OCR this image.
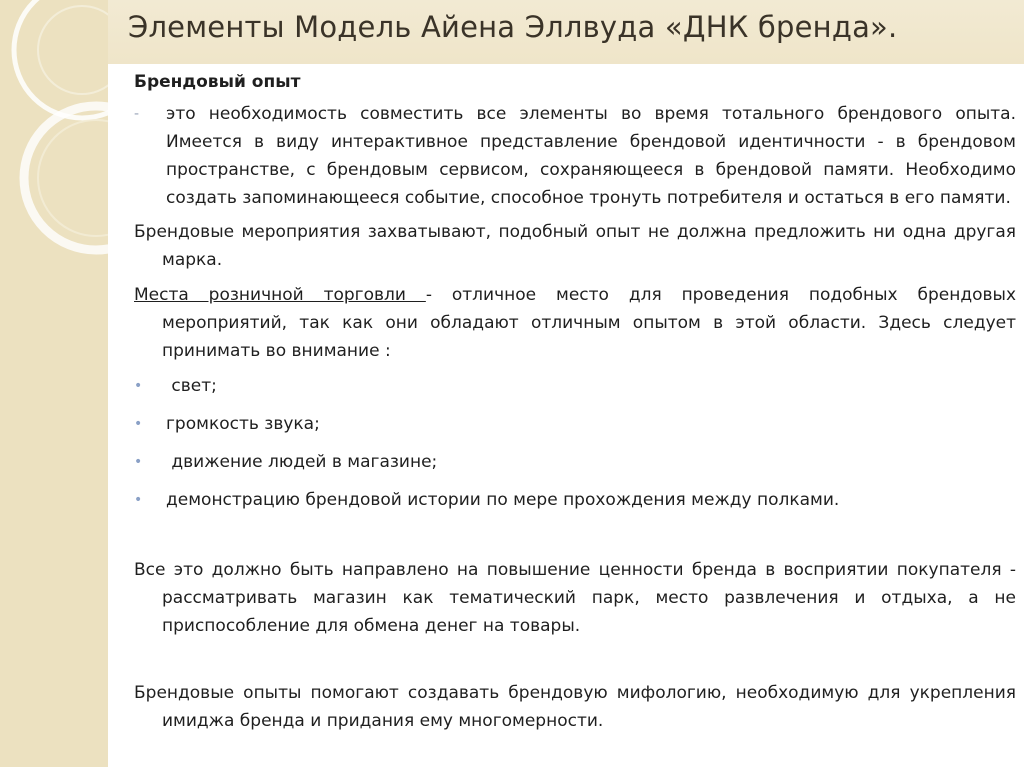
Элементы Модель Айена Эллвуда «ДНК бренда».

Брендовый опыт

-	это необходимость совместить все элементы во время тотального брендового опыта. Имеется в виду интерактивное представление брендовой идентичности - в брендовом пространстве, с брендовым сервисом, сохраняющееся в брендовой памяти. Необходимо создать запоминающееся событие, способное тронуть потребителя и остаться в его памяти.

Брендовые мероприятия захватывают, подобный опыт не должна предложить ни одна другая марка.

Места розничной торговли - отличное место для проведения подобных брендовых мероприятий, так как они обладают отличным опытом в этой области. Здесь следует принимать во внимание :

•	свет;
•	громкость звука;
•	движение людей в магазине;
•	демонстрацию брендовой истории по мере прохождения между полками.

Все это должно быть направлено на повышение ценности бренда в восприятии покупателя - рассматривать магазин как тематический парк, место развлечения и отдыха, а не приспособление для обмена денег на товары.

Брендовые опыты помогают создавать брендовую мифологию, необходимую для укрепления имиджа бренда и придания ему многомерности.
